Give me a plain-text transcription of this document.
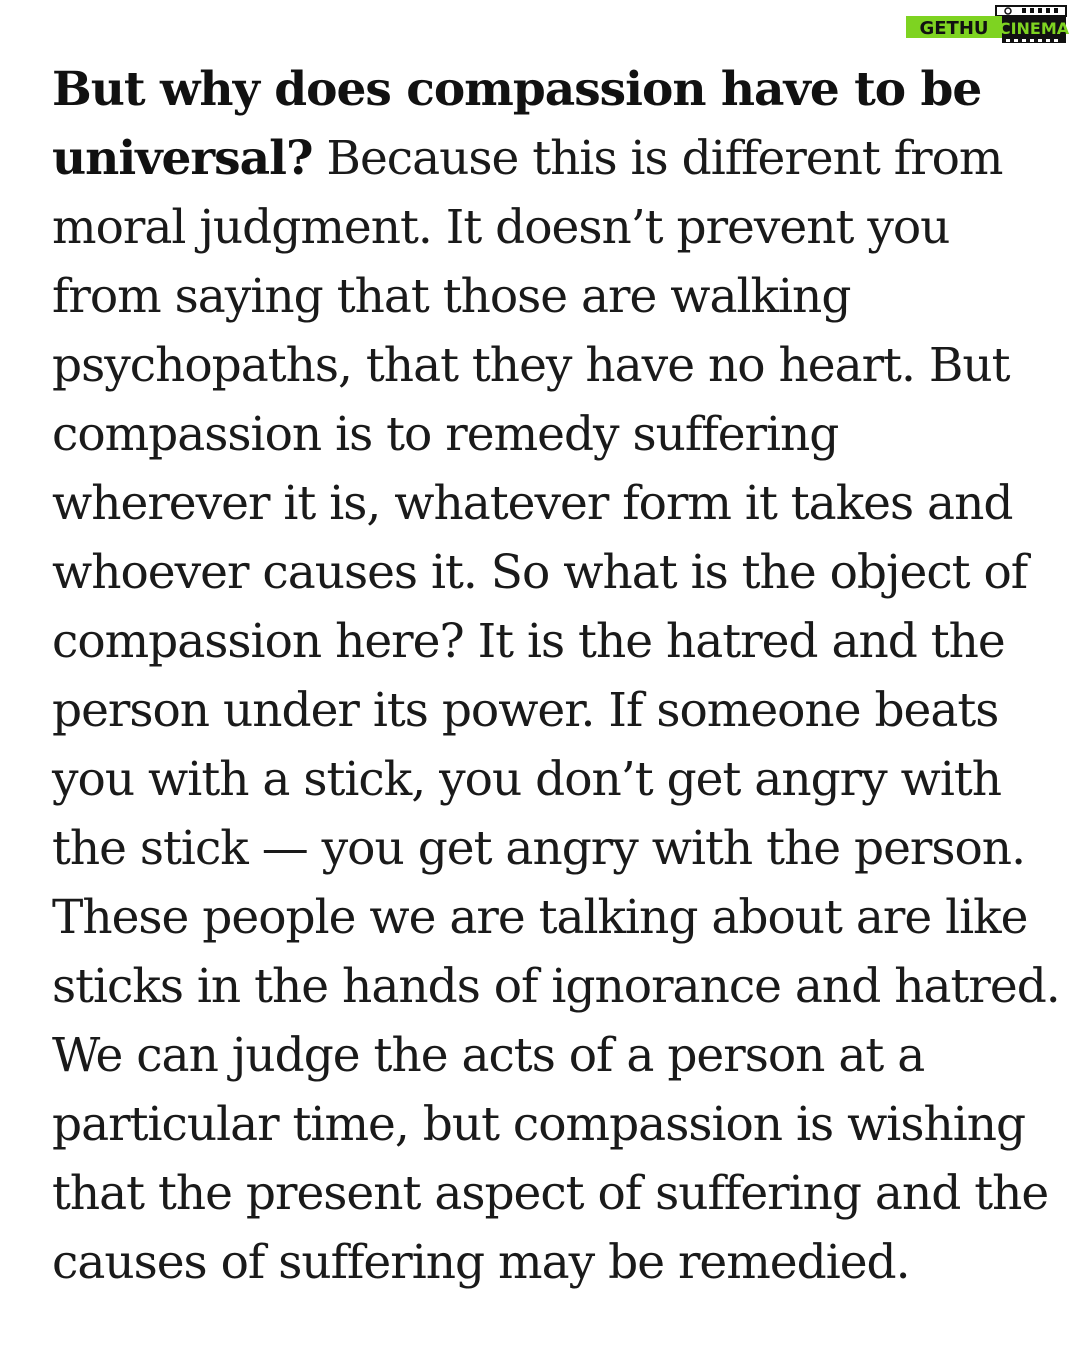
GETHU CINEMA
But why does compassion have to be
universal? Because this is different from
moral judgment. It doesn’t prevent you
from saying that those are walking
psychopaths, that they have no heart. But
compassion is to remedy suffering
wherever it is, whatever form it takes and
whoever causes it. So what is the object of
compassion here? It is the hatred and the
person under its power. If someone beats
you with a stick, you don’t get angry with
the stick — you get angry with the person.
These people we are talking about are like
sticks in the hands of ignorance and hatred.
We can judge the acts of a person at a
particular time, but compassion is wishing
that the present aspect of suffering and the
causes of suffering may be remedied.
